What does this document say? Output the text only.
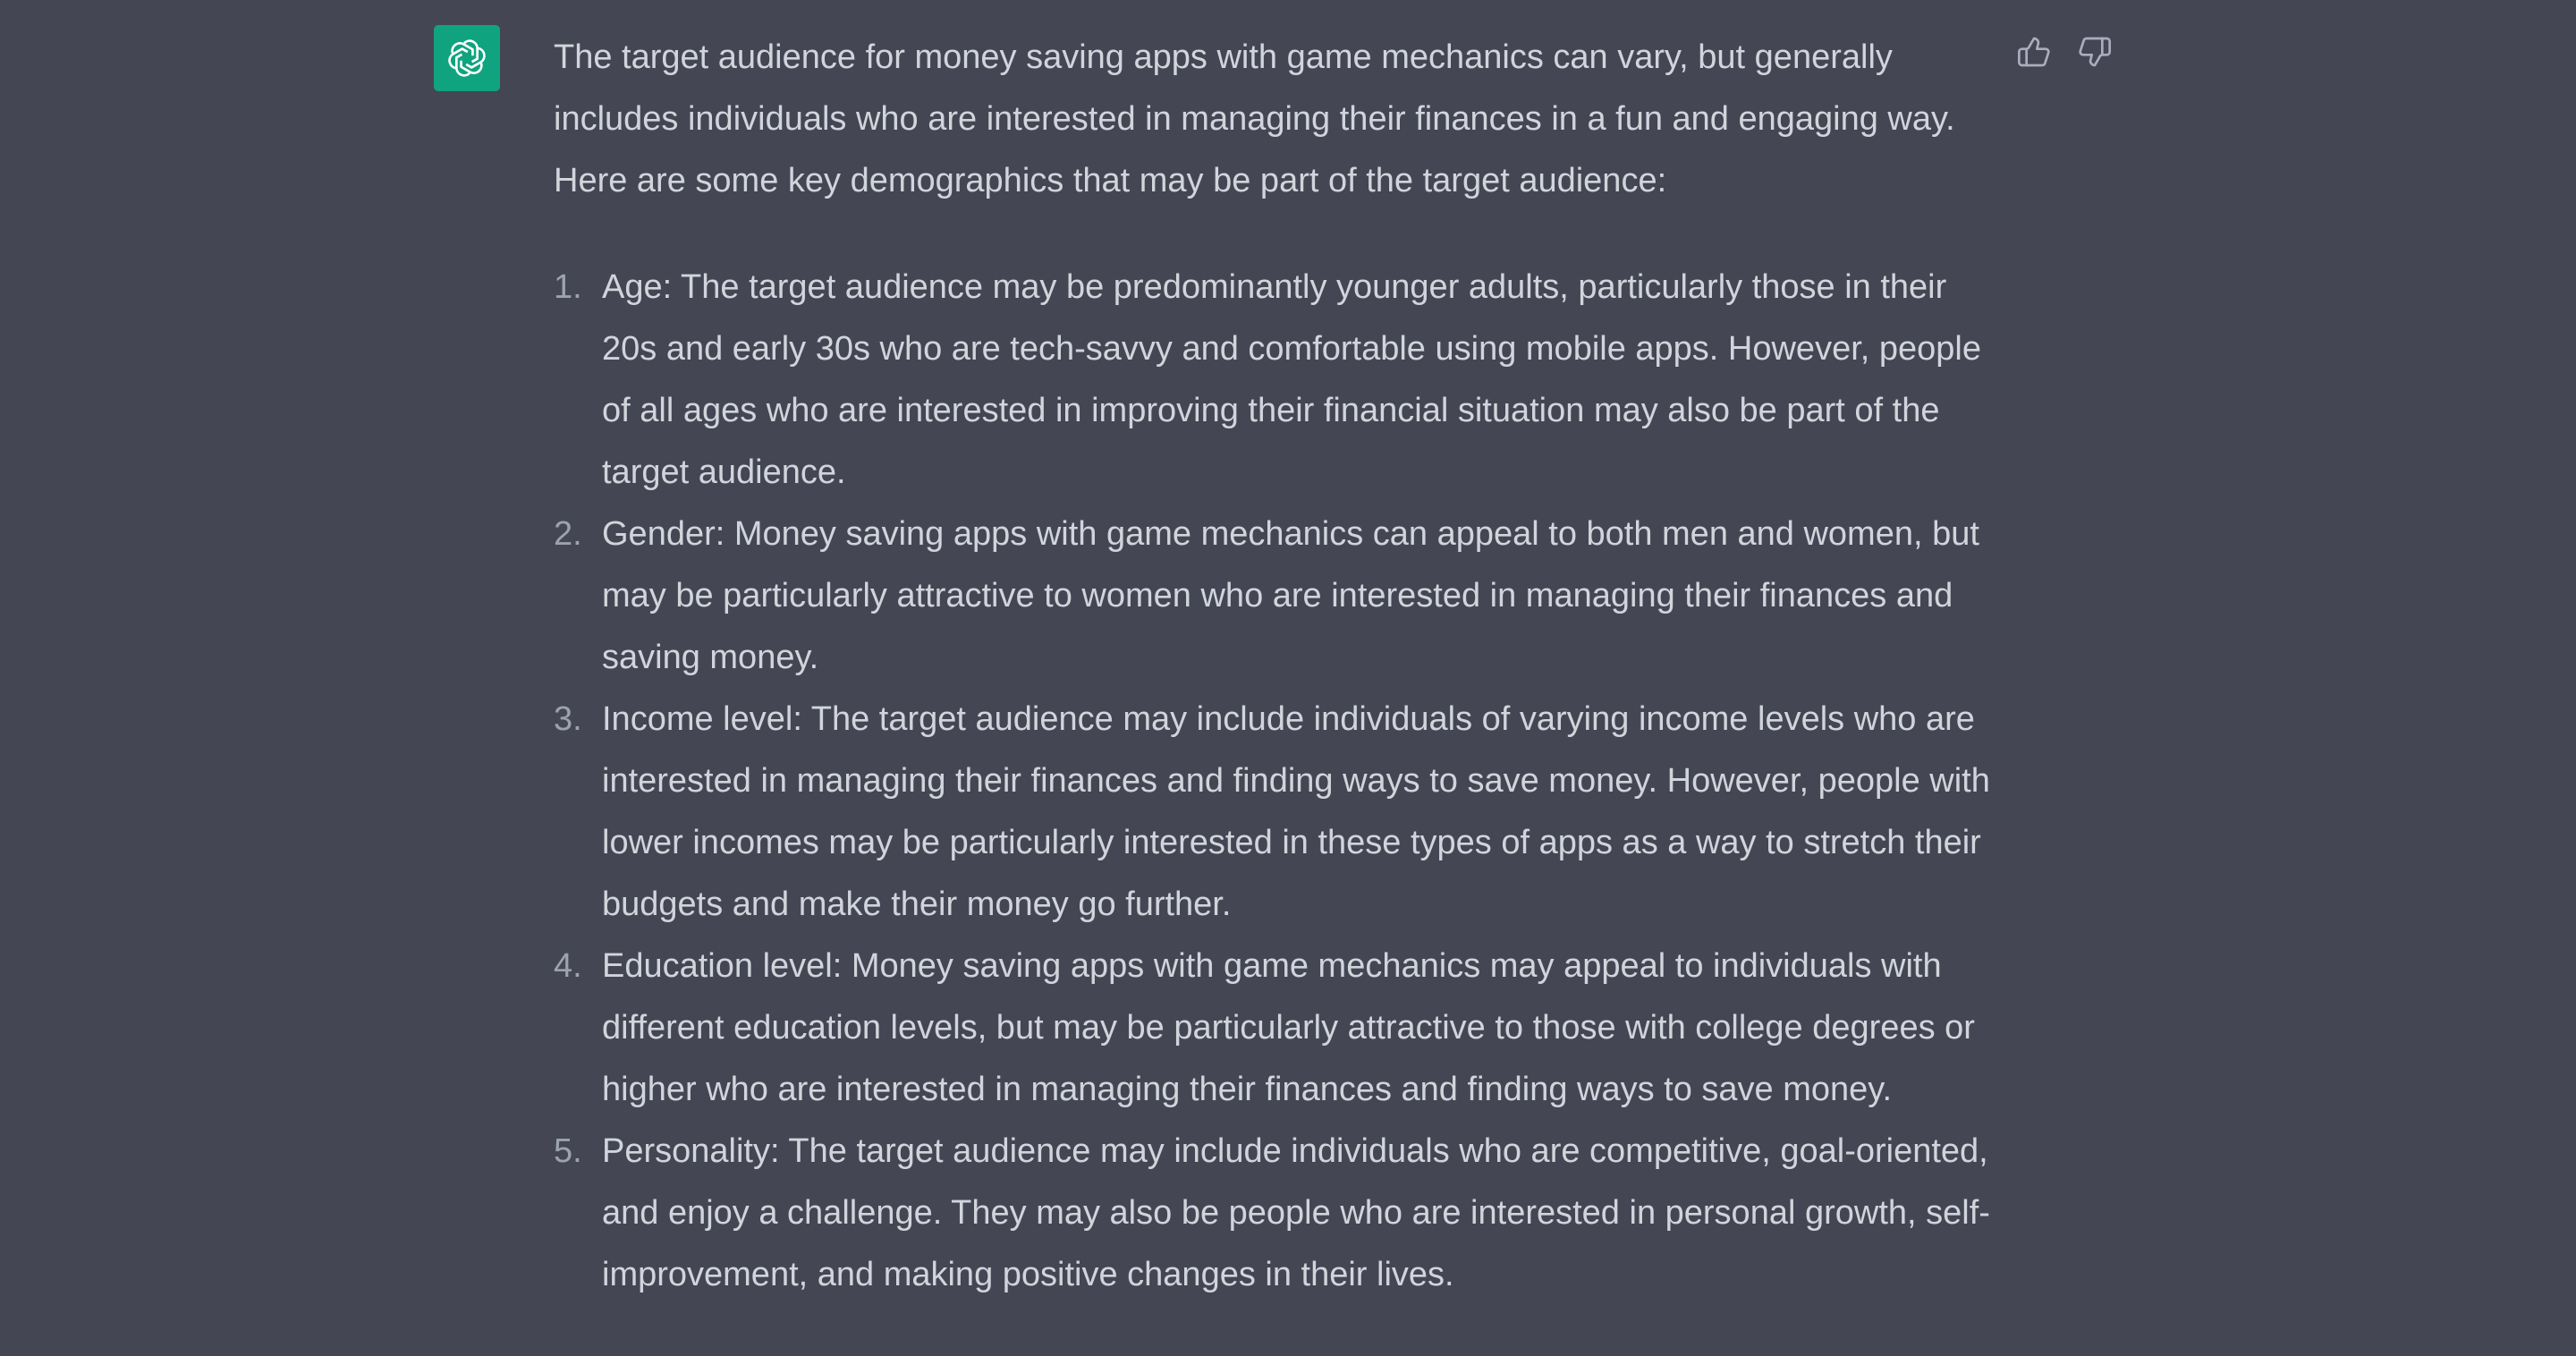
The target audience for money saving apps with game mechanics can vary, but generally includes individuals who are interested in managing their finances in a fun and engaging way. Here are some key demographics that may be part of the target audience:

1. Age: The target audience may be predominantly younger adults, particularly those in their 20s and early 30s who are tech-savvy and comfortable using mobile apps. However, people of all ages who are interested in improving their financial situation may also be part of the target audience.
2. Gender: Money saving apps with game mechanics can appeal to both men and women, but may be particularly attractive to women who are interested in managing their finances and saving money.
3. Income level: The target audience may include individuals of varying income levels who are interested in managing their finances and finding ways to save money. However, people with lower incomes may be particularly interested in these types of apps as a way to stretch their budgets and make their money go further.
4. Education level: Money saving apps with game mechanics may appeal to individuals with different education levels, but may be particularly attractive to those with college degrees or higher who are interested in managing their finances and finding ways to save money.
5. Personality: The target audience may include individuals who are competitive, goal-oriented, and enjoy a challenge. They may also be people who are interested in personal growth, self-improvement, and making positive changes in their lives.
